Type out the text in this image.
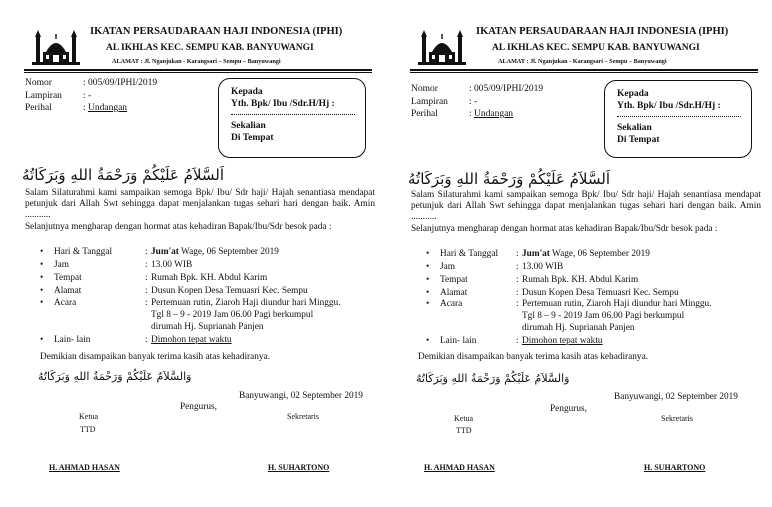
IKATAN PERSAUDARAAN HAJI INDONESIA (IPHI)
AL IKHLAS KEC. SEMPU KAB. BANYUWANGI
ALAMAT : Jl. Nganjukan - Karangsari – Sempu – Banyuwangi
Nomor	: 005/09/IPHI/2019
Lampiran : -
Perihal	: Undangan
Kepada
Yth. Bpk/ Ibu /Sdr.H/Hj :
Sekalian
Di Tempat
اَلسَّلاَمُ عَلَيْكُمْ وَرَحْمَةُ اللهِ وَبَرَكَاتُهُ
Salam Silaturahmi kami sampaikan semoga Bpk/ Ibu/ Sdr haji/ Hajah senantiasa mendapat petunjuk dari Allah Swt sehingga dapat menjalankan tugas sehari hari dengan baik. Amin ...........
Selanjutnya mengharap dengan hormat atas kehadiran Bapak/Ibu/Sdr besok pada :
• Hari & Tanggal	: Jum'at Wage, 06 September 2019
• Jam	: 13.00 WIB
• Tempat	: Rumah Bpk. KH. Abdul Karim
• Alamat	: Dusun Kopen Desa Temuasri Kec. Sempu
• Acara	: Pertemuan rutin, Ziaroh Haji diundur hari Minggu.
Tgl 8 – 9 - 2019 Jam 06.00 Pagi berkumpul
dirumah Hj. Suprianah Panjen
• Lain- lain	: Dimohon tepat waktu
Demikian disampaikan banyak terima kasih atas kehadiranya.
وَالسَّلاَمُ عَلَيْكُمْ وَرَحْمَةُ اللهِ وَبَرَكَاتُهُ
Banyuwangi, 02 September 2019
Pengurus,
Ketua
TTD
Sekretaris
H. AHMAD HASAN	H. SUHARTONO
IKATAN PERSAUDARAAN HAJI INDONESIA (IPHI)
AL IKHLAS KEC. SEMPU KAB. BANYUWANGI
ALAMAT : Jl. Nganjukan - Karangsari – Sempu – Banyuwangi
Nomor	: 005/09/IPHI/2019
Lampiran : -
Perihal	: Undangan
Kepada
Yth. Bpk/ Ibu /Sdr.H/Hj :
Sekalian
Di Tempat
اَلسَّلاَمُ عَلَيْكُمْ وَرَحْمَةُ اللهِ وَبَرَكَاتُهُ
Salam Silaturahmi kami sampaikan semoga Bpk/ Ibu/ Sdr haji/ Hajah senantiasa mendapat petunjuk dari Allah Swt sehingga dapat menjalankan tugas sehari hari dengan baik. Amin ...........
Selanjutnya mengharap dengan hormat atas kehadiran Bapak/Ibu/Sdr besok pada :
• Hari & Tanggal : Jum'at Wage, 06 September 2019
• Jam	: 13.00 WIB
• Tempat	: Rumah Bpk. KH. Abdul Karim
• Alamat	: Dusun Kopen Desa Temuasri Kec. Sempu
• Acara	: Pertemuan rutin, Ziaroh Haji diundur hari Minggu.
Tgl 8 – 9 - 2019 Jam 06.00 Pagi berkumpul
dirumah Hj. Suprianah Panjen
• Lain- lain	: Dimohon tepat waktu
Demikian disampaikan banyak terima kasih atas kehadiranya.
وَالسَّلاَمُ عَلَيْكُمْ وَرَحْمَةُ اللهِ وَبَرَكَاتُهُ
Banyuwangi, 02 September 2019
Pengurus,
Ketua
TTD
Sekretaris
H. AHMAD HASAN	H. SUHARTONO
